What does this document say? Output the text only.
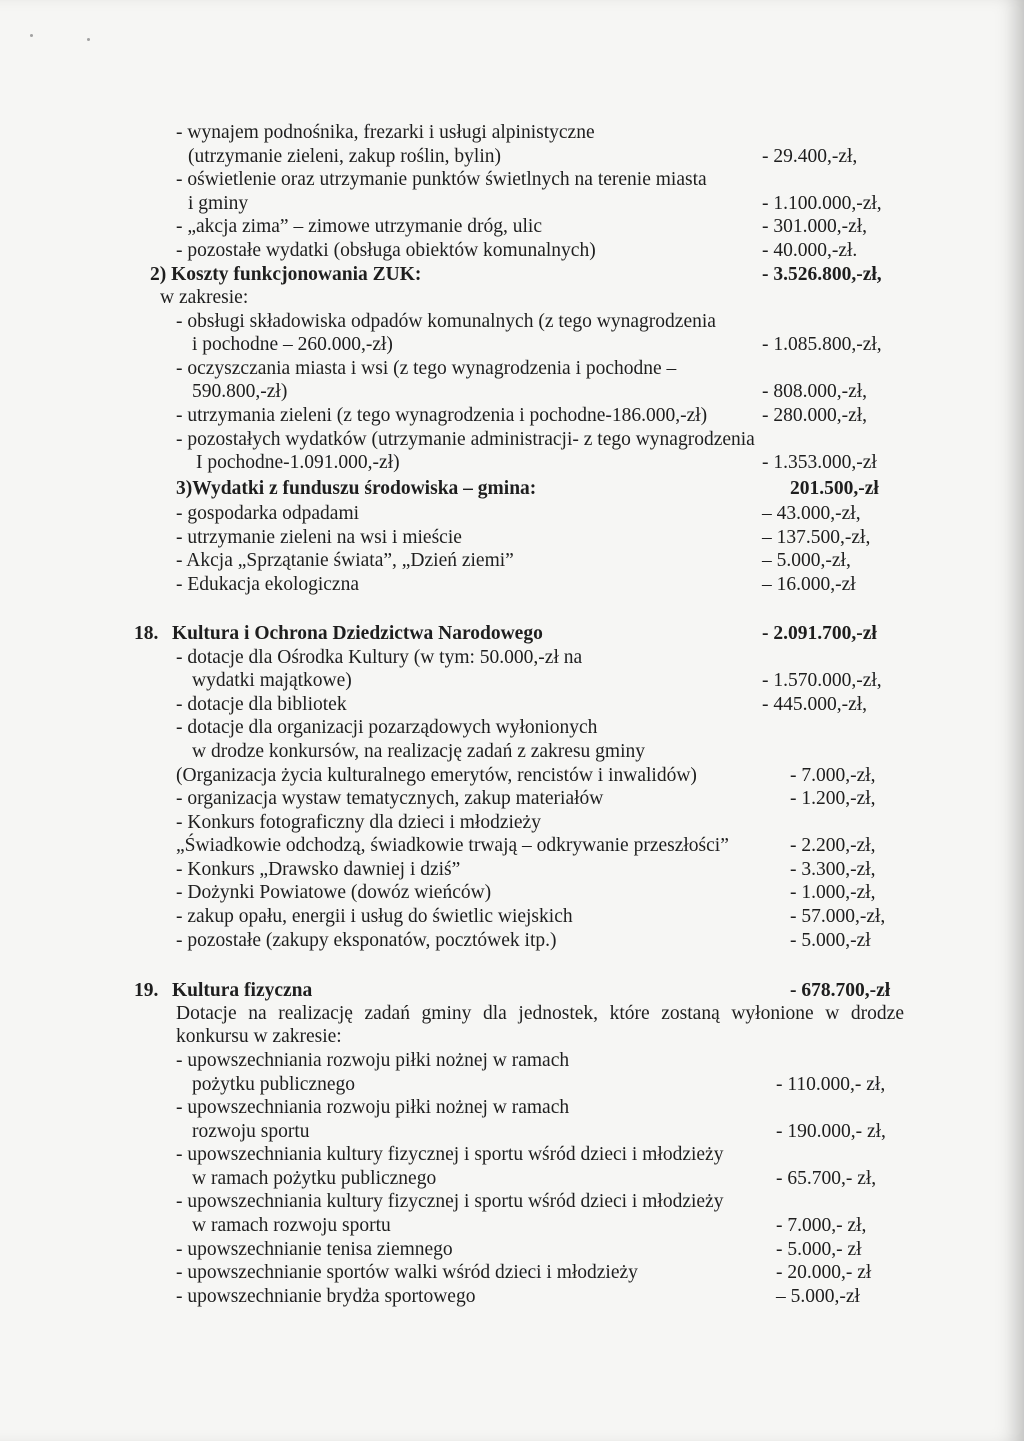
- wynajem podnośnika, frezarki i usługi alpinistyczne
(utrzymanie zieleni, zakup roślin, bylin)	- 29.400,-zł,
- oświetlenie oraz utrzymanie punktów świetlnych na terenie miasta
i gminy	- 1.100.000,-zł,
- „akcja zima” – zimowe utrzymanie dróg, ulic	- 301.000,-zł,
- pozostałe wydatki (obsługa obiektów komunalnych)	- 40.000,-zł.
2) Koszty funkcjonowania ZUK:	- 3.526.800,-zł,
w zakresie:
- obsługi składowiska odpadów komunalnych (z tego wynagrodzenia
i pochodne – 260.000,-zł)	- 1.085.800,-zł,
- oczyszczania miasta i wsi (z tego wynagrodzenia i pochodne –
590.800,-zł)	- 808.000,-zł,
- utrzymania zieleni (z tego wynagrodzenia i pochodne-186.000,-zł)	- 280.000,-zł,
- pozostałych wydatków (utrzymanie administracji- z tego wynagrodzenia
I pochodne-1.091.000,-zł)	- 1.353.000,-zł
3)Wydatki z funduszu środowiska – gmina:	201.500,-zł
- gospodarka odpadami	– 43.000,-zł,
- utrzymanie zieleni na wsi i mieście	– 137.500,-zł,
- Akcja „Sprzątanie świata”, „Dzień ziemi”	– 5.000,-zł,
- Edukacja ekologiczna	– 16.000,-zł
18. Kultura i Ochrona Dziedzictwa Narodowego	- 2.091.700,-zł
- dotacje dla Ośrodka Kultury (w tym: 50.000,-zł na
wydatki majątkowe)	- 1.570.000,-zł,
- dotacje dla bibliotek	- 445.000,-zł,
- dotacje dla organizacji pozarządowych wyłonionych
w drodze konkursów, na realizację zadań z zakresu gminy
(Organizacja życia kulturalnego emerytów, rencistów i inwalidów)	- 7.000,-zł,
- organizacja wystaw tematycznych, zakup materiałów	- 1.200,-zł,
- Konkurs fotograficzny dla dzieci i młodzieży
„Świadkowie odchodzą, świadkowie trwają – odkrywanie przeszłości”	- 2.200,-zł,
- Konkurs „Drawsko dawniej i dziś”	- 3.300,-zł,
- Dożynki Powiatowe (dowóz wieńców)	- 1.000,-zł,
- zakup opału, energii i usług do świetlic wiejskich	- 57.000,-zł,
- pozostałe (zakupy eksponatów, pocztówek itp.)	- 5.000,-zł
19. Kultura fizyczna	- 678.700,-zł
Dotacje na realizację zadań gminy dla jednostek, które zostaną wyłonione w drodze konkursu w zakresie:
- upowszechniania rozwoju piłki nożnej w ramach
pożytku publicznego	- 110.000,- zł,
- upowszechniania rozwoju piłki nożnej w ramach
rozwoju sportu	- 190.000,- zł,
- upowszechniania kultury fizycznej i sportu wśród dzieci i młodzieży
w ramach pożytku publicznego	- 65.700,- zł,
- upowszechniania kultury fizycznej i sportu wśród dzieci i młodzieży
w ramach rozwoju sportu	- 7.000,- zł,
- upowszechnianie tenisa ziemnego	- 5.000,- zł
- upowszechnianie sportów walki wśród dzieci i młodzieży	- 20.000,- zł
- upowszechnianie brydża sportowego	– 5.000,-zł
